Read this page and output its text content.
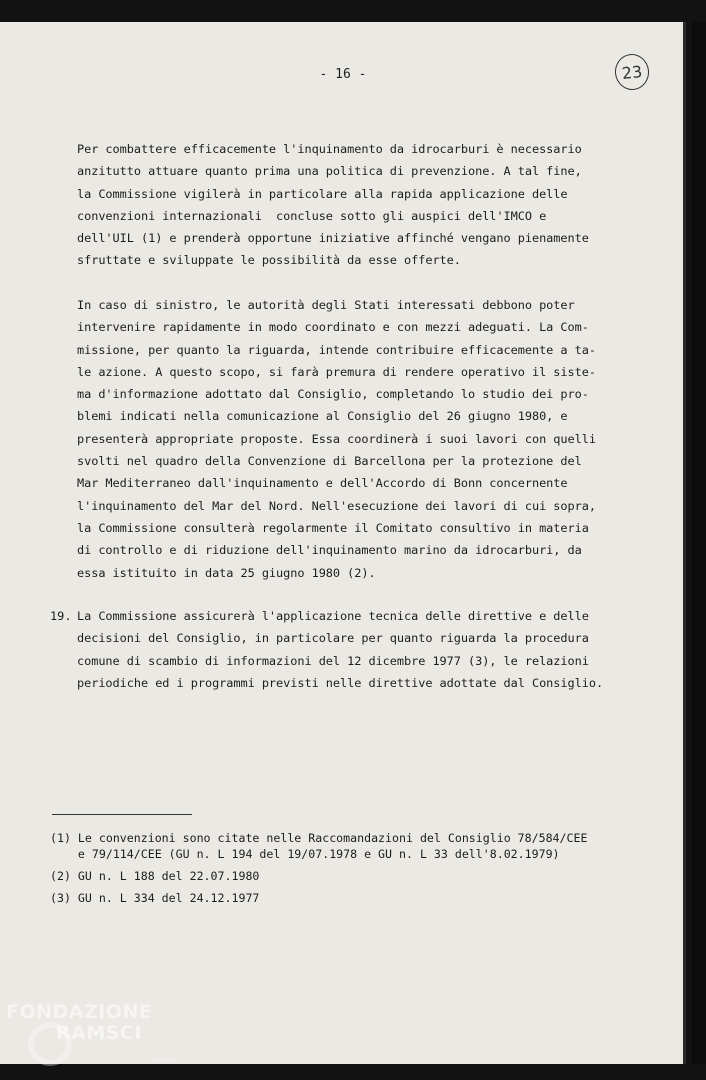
- 16 -	23
Per combattere efficacemente l'inquinamento da idrocarburi è necessario
anzitutto attuare quanto prima una politica di prevenzione. A tal fine,
la Commissione vigilerà in particolare alla rapida applicazione delle
convenzioni internazionali  concluse sotto gli auspici dell'IMCO e
dell'UIL (1) e prenderà opportune iniziative affinché vengano pienamente
sfruttate e sviluppate le possibilità da esse offerte.
In caso di sinistro, le autorità degli Stati interessati debbono poter
intervenire rapidamente in modo coordinato e con mezzi adeguati. La Com-
missione, per quanto la riguarda, intende contribuire efficacemente a ta-
le azione. A questo scopo, si farà premura di rendere operativo il siste-
ma d'informazione adottato dal Consiglio, completando lo studio dei pro-
blemi indicati nella comunicazione al Consiglio del 26 giugno 1980, e
presenterà appropriate proposte. Essa coordinerà i suoi lavori con quelli
svolti nel quadro della Convenzione di Barcellona per la protezione del
Mar Mediterraneo dall'inquinamento e dell'Accordo di Bonn concernente
l'inquinamento del Mar del Nord. Nell'esecuzione dei lavori di cui sopra,
la Commissione consulterà regolarmente il Comitato consultivo in materia
di controllo e di riduzione dell'inquinamento marino da idrocarburi, da
essa istituito in data 25 giugno 1980 (2).
19. La Commissione assicurerà l'applicazione tecnica delle direttive e delle
decisioni del Consiglio, in particolare per quanto riguarda la procedura
comune di scambio di informazioni del 12 dicembre 1977 (3), le relazioni
periodiche ed i programmi previsti nelle direttive adottate dal Consiglio.
(1) Le convenzioni sono citate nelle Raccomandazioni del Consiglio 78/584/CEE
e 79/114/CEE (GU n. L 194 del 19/07.1978 e GU n. L 33 dell'8.02.1979)
(2) GU n. L 188 del 22.07.1980
(3) GU n. L 334 del 24.12.1977
FONDAZIONE
RAMSCI
onlus
